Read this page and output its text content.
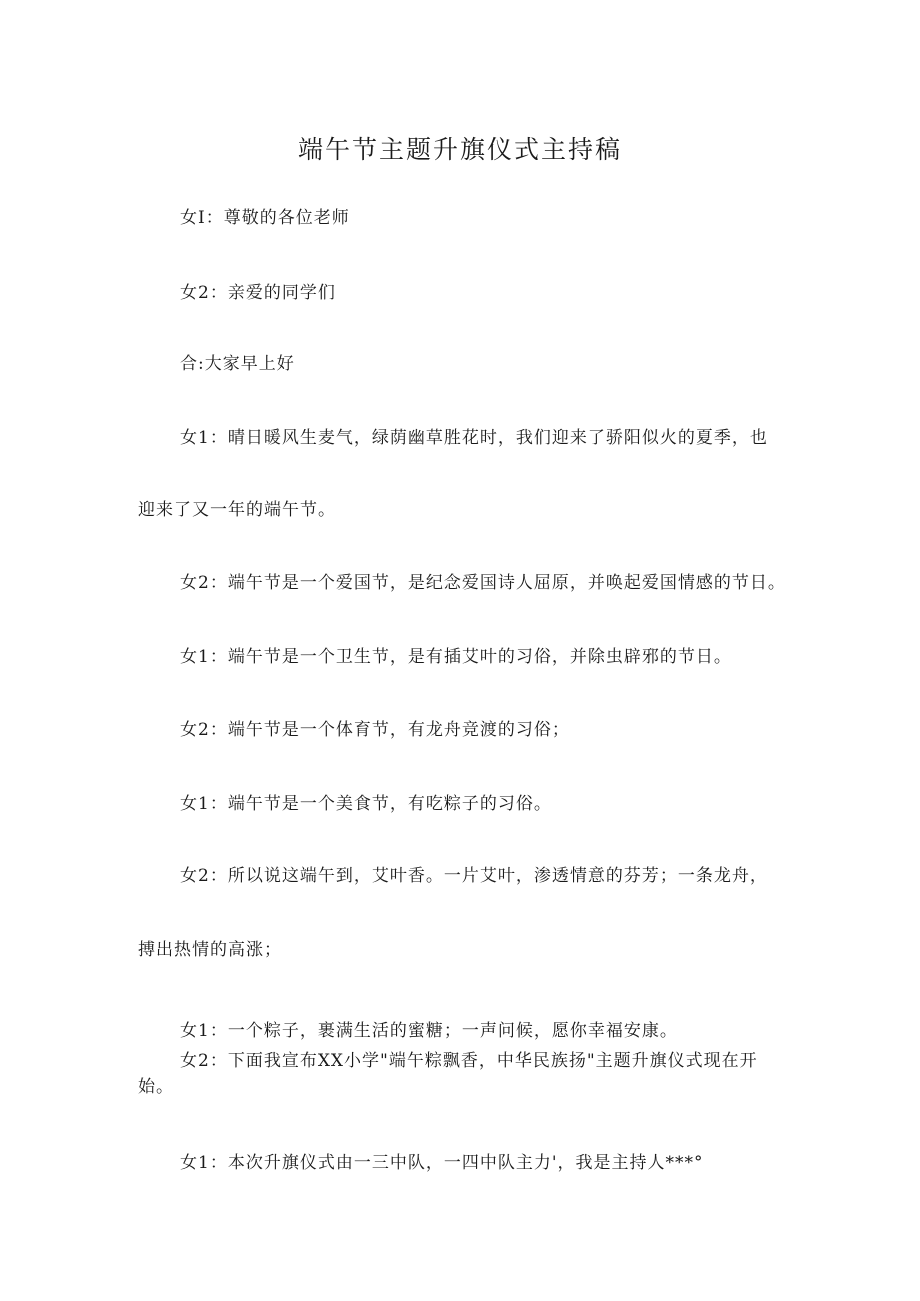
端午节主题升旗仪式主持稿
女I：尊敬的各位老师
女2：亲爱的同学们
合:大家早上好
女1：晴日暖风生麦气，绿荫幽草胜花时，我们迎来了骄阳似火的夏季，也
迎来了又一年的端午节。
女2：端午节是一个爱国节，是纪念爱国诗人屈原，并唤起爱国情感的节日。
女1：端午节是一个卫生节，是有插艾叶的习俗，并除虫辟邪的节日。
女2：端午节是一个体育节，有龙舟竞渡的习俗；
女1：端午节是一个美食节，有吃粽子的习俗。
女2：所以说这端午到，艾叶香。一片艾叶，渗透情意的芬芳；一条龙舟，
搏出热情的高涨；
女1：一个粽子，裹满生活的蜜糖；一声问候，愿你幸福安康。
女2：下面我宣布XX小学"端午粽飘香，中华民族扬"主题升旗仪式现在开
始。
女1：本次升旗仪式由一三中队，一四中队主力'，我是主持人***°
